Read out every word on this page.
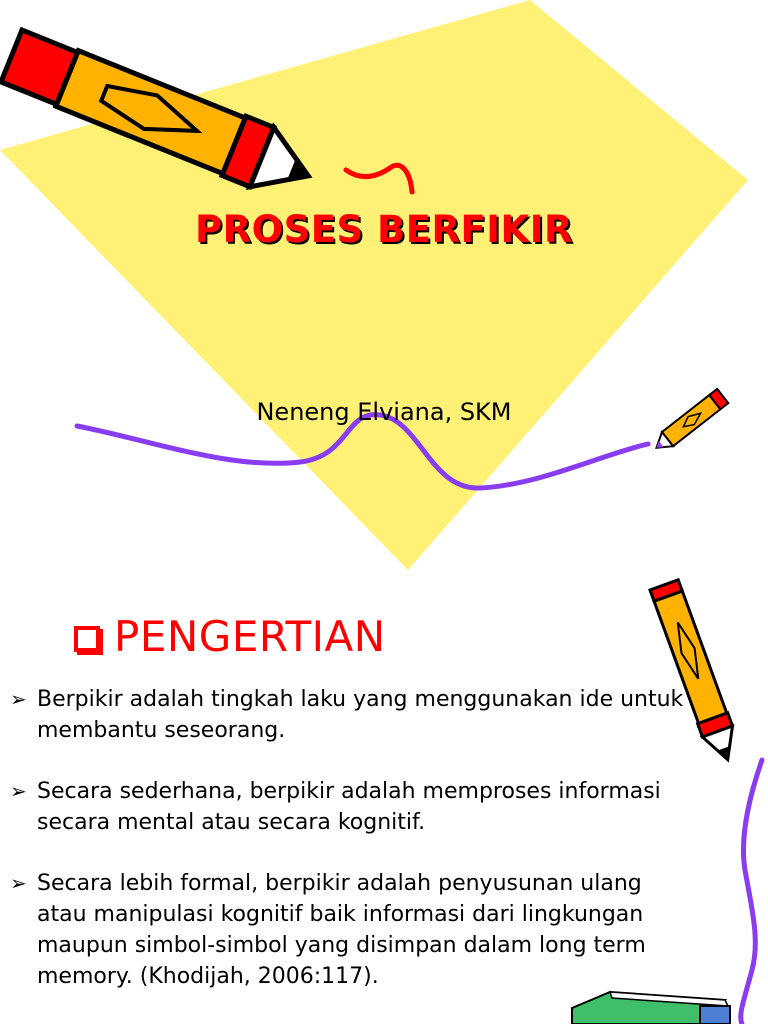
PROSES BERFIKIR
Neneng Elviana, SKM
PENGERTIAN
➢ Berpikir adalah tingkah laku yang menggunakan ide untuk
membantu seseorang.
➢ Secara sederhana, berpikir adalah memproses informasi
secara mental atau secara kognitif.
➢ Secara lebih formal, berpikir adalah penyusunan ulang
atau manipulasi kognitif baik informasi dari lingkungan
maupun simbol-simbol yang disimpan dalam long term
memory. (Khodijah, 2006:117).
